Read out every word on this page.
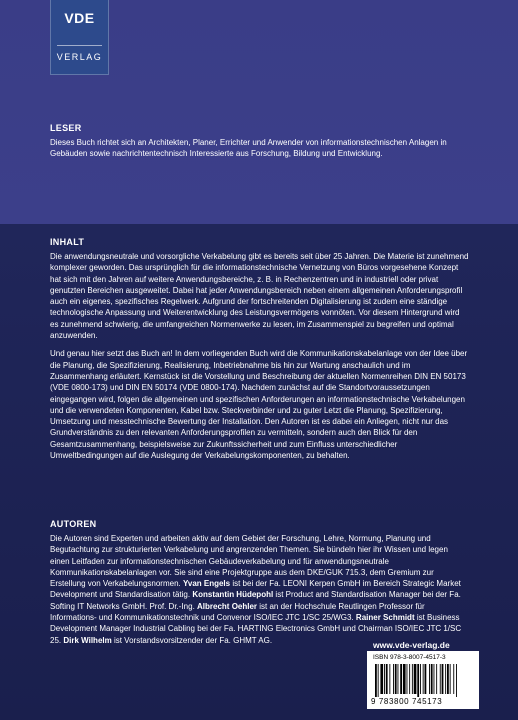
VDE
VERLAG
LESER

Dieses Buch richtet sich an Architekten, Planer, Errichter und Anwender von informationstechnischen Anlagen in Gebäuden sowie nachrichtentechnisch Interessierte aus Forschung, Bildung und Entwicklung.

INHALT

Die anwendungsneutrale und vorsorgliche Verkabelung gibt es bereits seit über 25 Jahren. Die Materie ist zunehmend komplexer geworden. Das ursprünglich für die informationstechnische Vernetzung von Büros vorgesehene Konzept hat sich mit den Jahren auf weitere Anwendungsbereiche, z. B. in Rechenzentren und in industriell oder privat genutzten Bereichen ausgeweitet. Dabei hat jeder Anwendungsbereich neben einem allgemeinen Anforderungsprofil auch ein eigenes, spezifisches Regelwerk. Aufgrund der fortschreitenden Digitalisierung ist zudem eine ständige technologische Anpassung und Weiterentwicklung des Leistungsvermögens vonnöten. Vor diesem Hintergrund wird es zunehmend schwierig, die umfangreichen Normenwerke zu lesen, im Zusammenspiel zu begreifen und optimal anzuwenden.

Und genau hier setzt das Buch an! In dem vorliegenden Buch wird die Kommunikationskabelanlage von der Idee über die Planung, die Spezifizierung, Realisierung, Inbetriebnahme bis hin zur Wartung anschaulich und im Zusammenhang erläutert. Kernstück ist die Vorstellung und Beschreibung der aktuellen Normenreihen DIN EN 50173 (VDE 0800-173) und DIN EN 50174 (VDE 0800-174). Nachdem zunächst auf die Standortvoraussetzungen eingegangen wird, folgen die allgemeinen und spezifischen Anforderungen an informationstechnische Verkabelungen und die verwendeten Komponenten, Kabel bzw. Steckverbinder und zu guter Letzt die Planung, Spezifizierung, Umsetzung und messtechnische Bewertung der Installation. Den Autoren ist es dabei ein Anliegen, nicht nur das Grundverständnis zu den relevanten Anforderungsprofilen zu vermitteln, sondern auch den Blick für den Gesamtzusammenhang, beispielsweise zur Zukunftssicherheit und zum Einfluss unterschiedlicher Umweltbedingungen auf die Auslegung der Verkabelungskomponenten, zu behalten.

AUTOREN

Die Autoren sind Experten und arbeiten aktiv auf dem Gebiet der Forschung, Lehre, Normung, Planung und Begutachtung zur strukturierten Verkabelung und angrenzenden Themen. Sie bündeln hier ihr Wissen und legen einen Leitfaden zur informationstechnischen Gebäudeverkabelung und für anwendungsneutrale Kommunikationskabelanlagen vor. Sie sind eine Projektgruppe aus dem DKE/GUK 715.3, dem Gremium zur Erstellung von Verkabelungsnormen. Yvan Engels ist bei der Fa. LEONI Kerpen GmbH im Bereich Strategic Market Development und Standardisation tätig. Konstantin Hüdepohl ist Product and Standardisation Manager bei der Fa. Softing IT Networks GmbH. Prof. Dr.-Ing. Albrecht Oehler ist an der Hochschule Reutlingen Professor für Informations- und Kommunikationstechnik und Convenor ISO/IEC JTC 1/SC 25/WG3. Rainer Schmidt ist Business Development Manager Industrial Cabling bei der Fa. HARTING Electronics GmbH und Chairman ISO/IEC JTC 1/SC 25. Dirk Wilhelm ist Vorstandsvorsitzender der Fa. GHMT AG.	www.vde-verlag.de
ISBN 978-3-8007-4517-3
9 783800 745173
